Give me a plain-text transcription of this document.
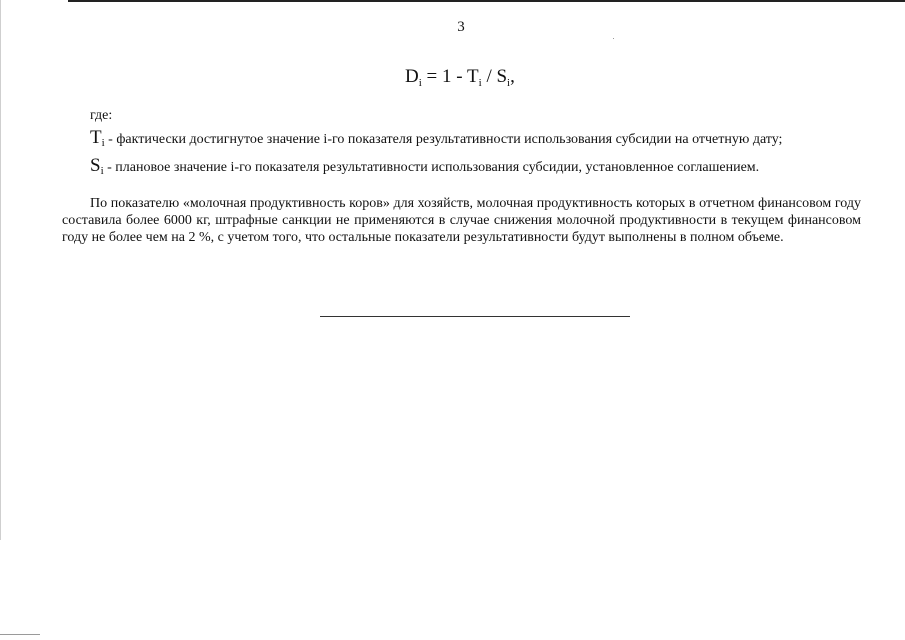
3
$D_i = 1 - T_i / S_i$,
где:
$T_i$ - фактически достигнутое значение i-го показателя результативности использования субсидии на отчетную дату;
$S_i$ - плановое значение i-го показателя результативности использования субсидии, установленное соглашением.

По показателю «молочная продуктивность коров» для хозяйств, молочная продуктивность которых в отчетном финансовом году составила более 6000 кг, штрафные санкции не применяются в случае снижения молочной продуктивности в текущем финансовом году не более чем на 2 %, с учетом того, что остальные показатели результативности будут выполнены в полном объеме.
